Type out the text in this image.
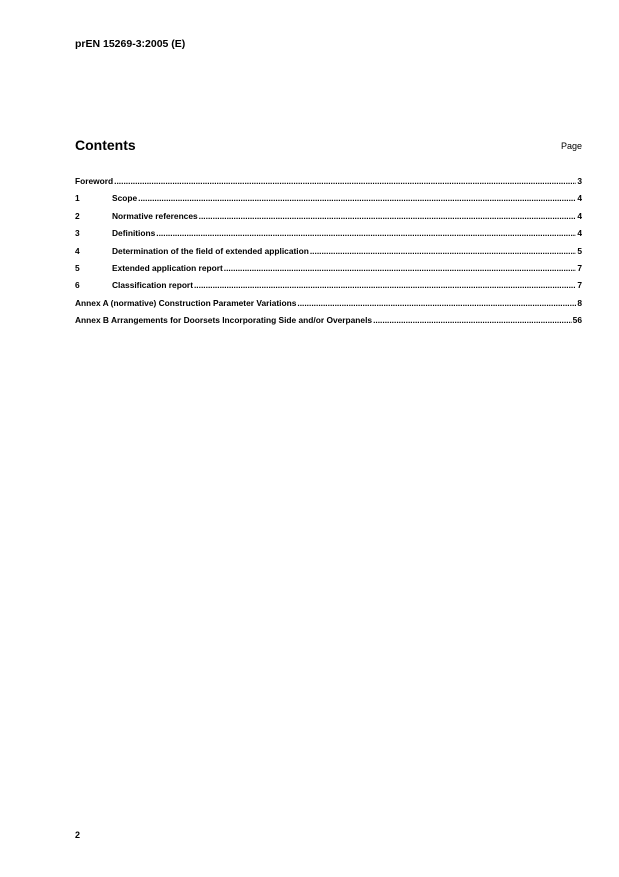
prEN 15269-3:2005 (E)
Contents	Page
Foreword .....	3
1	Scope .....	4
2	Normative references .....	4
3	Definitions .....	4
4	Determination of the field of extended application .....	5
5	Extended application report .....	7
6	Classification report .....	7
Annex A (normative) Construction Parameter Variations .....	8
Annex B Arrangements for Doorsets Incorporating Side and/or Overpanels .....	56
2
